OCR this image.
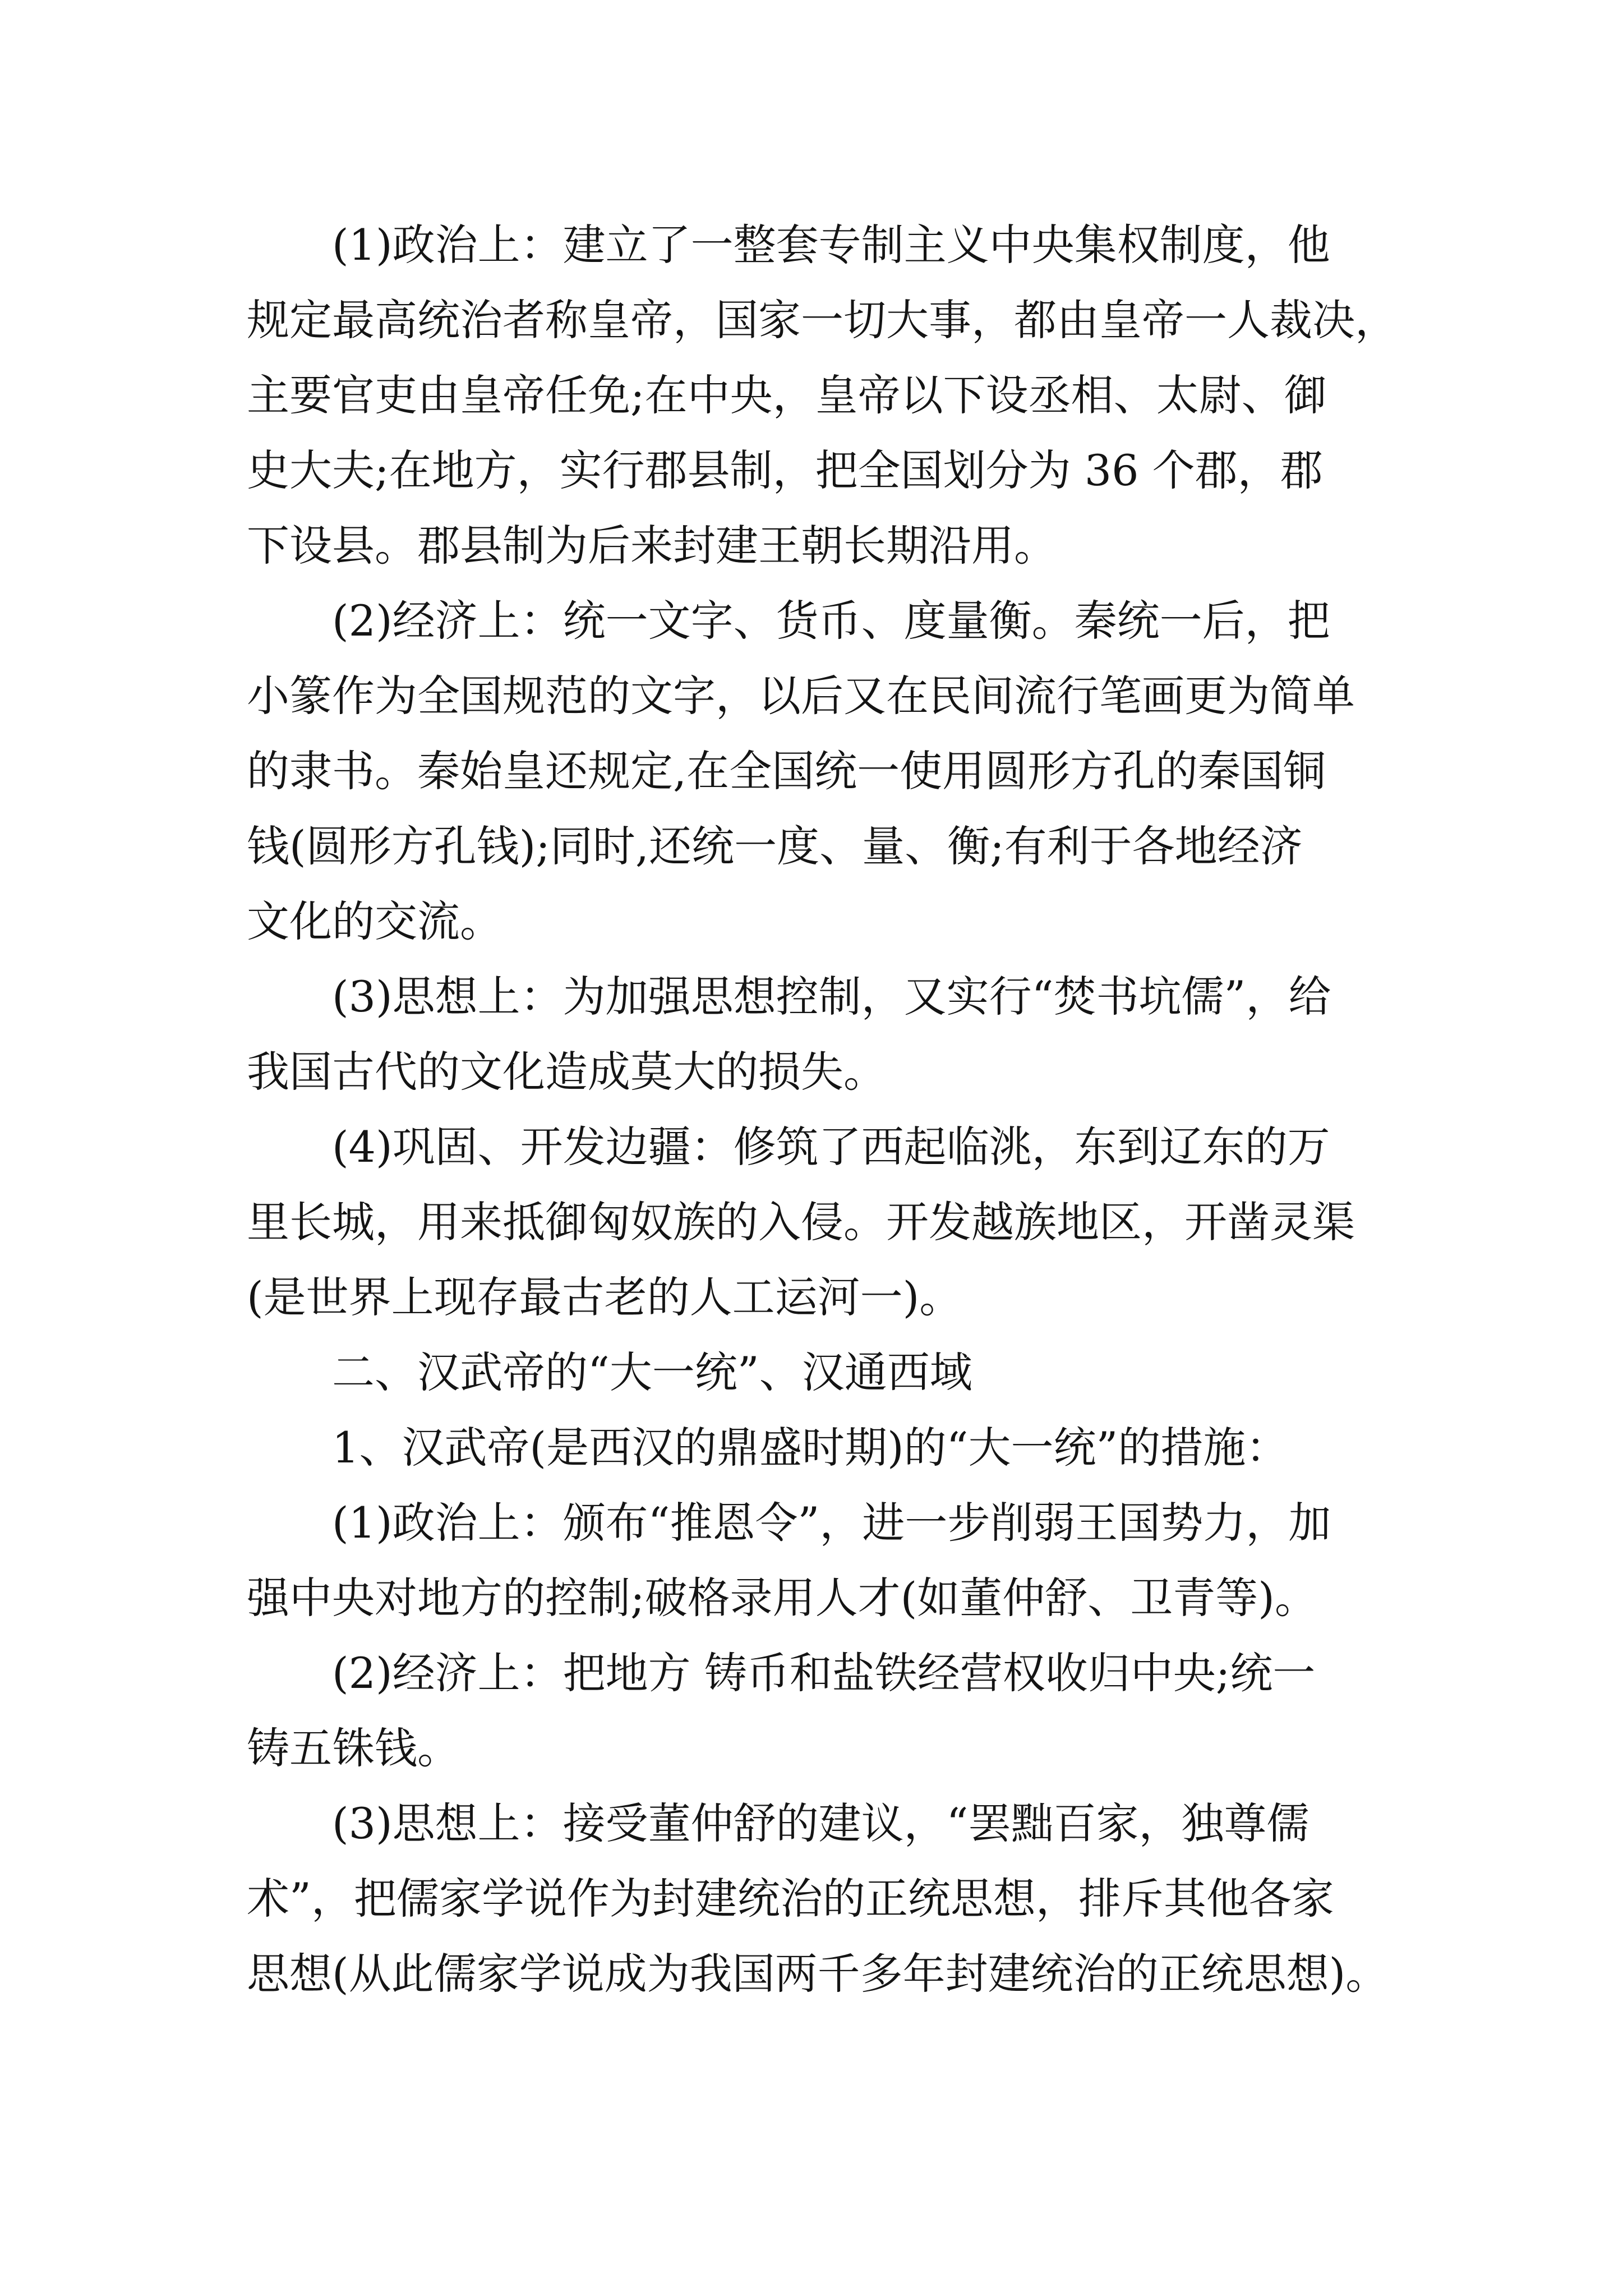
(1)政治上：建立了一整套专制主义中央集权制度，他

规定最高统治者称皇帝，国家一切大事，都由皇帝一人裁决，

主要官吏由皇帝任免;在中央，皇帝以下设丞相、太尉、御

史大夫;在地方，实行郡县制，把全国划分为 36 个郡，郡

下设县。郡县制为后来封建王朝长期沿用。

(2)经济上：统一文字、货币、度量衡。秦统一后，把

小篆作为全国规范的文字，以后又在民间流行笔画更为简单

的隶书。秦始皇还规定,在全国统一使用圆形方孔的秦国铜

钱(圆形方孔钱);同时,还统一度、量、衡;有利于各地经济

文化的交流。

(3)思想上：为加强思想控制，又实行“焚书坑儒”，给

我国古代的文化造成莫大的损失。

(4)巩固、开发边疆：修筑了西起临洮，东到辽东的万

里长城，用来抵御匈奴族的入侵。开发越族地区，开凿灵渠

(是世界上现存最古老的人工运河一)。

二、汉武帝的“大一统”、汉通西域

1、汉武帝(是西汉的鼎盛时期)的“大一统”的措施：

(1)政治上：颁布“推恩令”，进一步削弱王国势力，加

强中央对地方的控制;破格录用人才(如董仲舒、卫青等)。

(2)经济上：把地方 铸币和盐铁经营权收归中央;统一

铸五铢钱。

(3)思想上：接受董仲舒的建议，“罢黜百家，独尊儒

术”，把儒家学说作为封建统治的正统思想，排斥其他各家

思想(从此儒家学说成为我国两千多年封建统治的正统思想)。
